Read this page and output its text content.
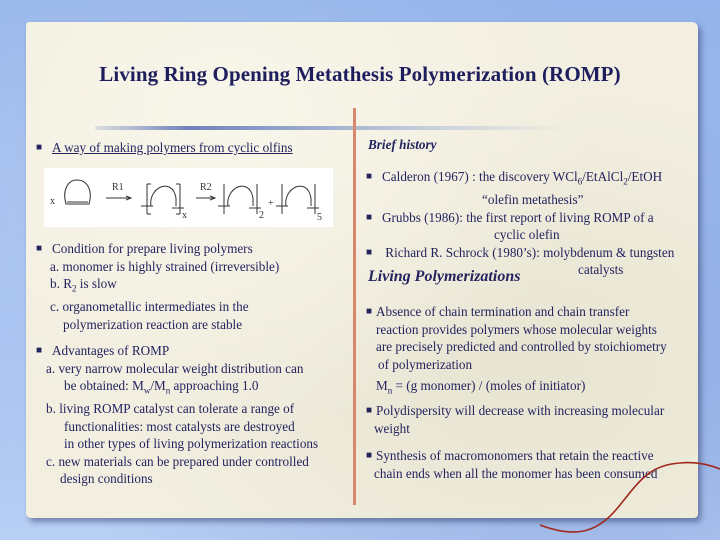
Living Ring Opening Metathesis Polymerization (ROMP)
■ A way of making polymers from cyclic olfins
x
R1	R2
x	2
+
5
■ Condition for prepare living polymers
a. monomer is highly strained (irreversible)
b. $R_2$ is slow
c. organometallic intermediates in the
polymerization reaction are stable
■ Advantages of ROMP
a. very narrow molecular weight distribution can
be obtained: $M_w/M_n$ approaching 1.0
b. living ROMP catalyst can tolerate a range of
functionalities: most catalysts are destroyed
in other types of living polymerization reactions
c. new materials can be prepared under controlled
design conditions
Brief history
■ Calderon (1967) : the discovery WCl$_6$/EtAlCl$_2$/EtOH
“olefin metathesis”
■ Grubbs (1986): the first report of living ROMP of a
cyclic olefin
■ Richard R. Schrock (1980’s): molybdenum & tungsten
catalysts
Living Polymerizations
■ Absence of chain termination and chain transfer
reaction provides polymers whose molecular weights
are precisely predicted and controlled by stoichiometry
of polymerization
$M_n = (g$ monomer) / (moles of initiator)
■ Polydispersity will decrease with increasing molecular
weight
■ Synthesis of macromonomers that retain the reactive
chain ends when all the monomer has been consumed
